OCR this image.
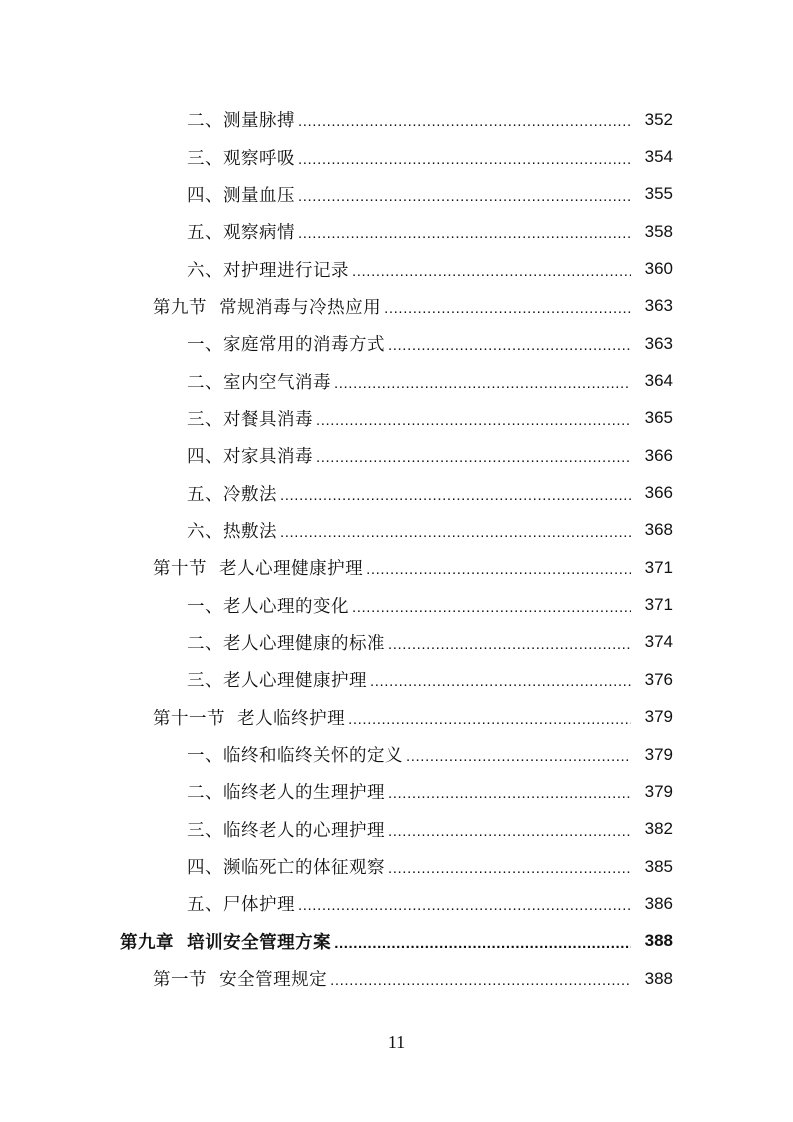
二、测量脉搏 .....	352
三、观察呼吸 .....	354
四、测量血压 .....	355
五、观察病情 .....	358
六、对护理进行记录 .....	360
第九节  常规消毒与冷热应用 .....	363
一、家庭常用的消毒方式 .....	363
二、室内空气消毒 .....	364
三、对餐具消毒 .....	365
四、对家具消毒 .....	366
五、冷敷法 .....	366
六、热敷法 .....	368
第十节  老人心理健康护理 .....	371
一、老人心理的变化 .....	371
二、老人心理健康的标准 .....	374
三、老人心理健康护理 .....	376
第十一节  老人临终护理 .....	379
一、临终和临终关怀的定义 .....	379
二、临终老人的生理护理 .....	379
三、临终老人的心理护理 .....	382
四、濒临死亡的体征观察 .....	385
五、尸体护理 .....	386
第九章  培训安全管理方案 .....	388
第一节  安全管理规定 .....	388
11
